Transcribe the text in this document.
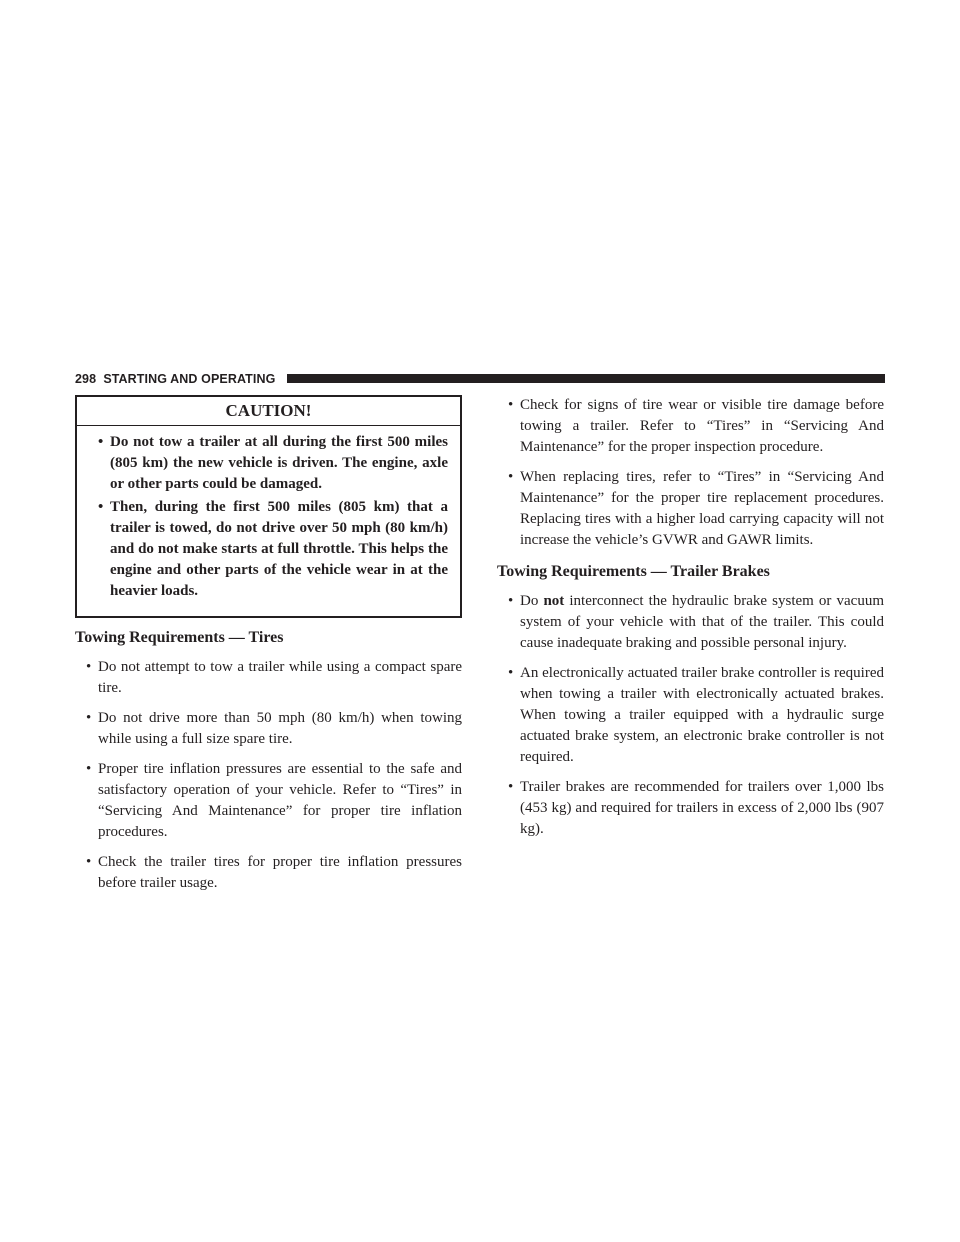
298 STARTING AND OPERATING
CAUTION!
• Do not tow a trailer at all during the first 500 miles (805 km) the new vehicle is driven. The engine, axle or other parts could be damaged.
• Then, during the first 500 miles (805 km) that a trailer is towed, do not drive over 50 mph (80 km/h) and do not make starts at full throttle. This helps the engine and other parts of the vehicle wear in at the heavier loads.
Towing Requirements — Tires
• Do not attempt to tow a trailer while using a compact spare tire.
• Do not drive more than 50 mph (80 km/h) when towing while using a full size spare tire.
• Proper tire inflation pressures are essential to the safe and satisfactory operation of your vehicle. Refer to “Tires” in “Servicing And Maintenance” for proper tire inflation procedures.
• Check the trailer tires for proper tire inflation pressures before trailer usage.
• Check for signs of tire wear or visible tire damage before towing a trailer. Refer to “Tires” in “Servicing And Maintenance” for the proper inspection procedure.
• When replacing tires, refer to “Tires” in “Servicing And Maintenance” for the proper tire replacement procedures. Replacing tires with a higher load carrying capacity will not increase the vehicle’s GVWR and GAWR limits.
Towing Requirements — Trailer Brakes
• Do not interconnect the hydraulic brake system or vacuum system of your vehicle with that of the trailer. This could cause inadequate braking and possible personal injury.
• An electronically actuated trailer brake controller is required when towing a trailer with electronically actuated brakes. When towing a trailer equipped with a hydraulic surge actuated brake system, an electronic brake controller is not required.
• Trailer brakes are recommended for trailers over 1,000 lbs (453 kg) and required for trailers in excess of 2,000 lbs (907 kg).
